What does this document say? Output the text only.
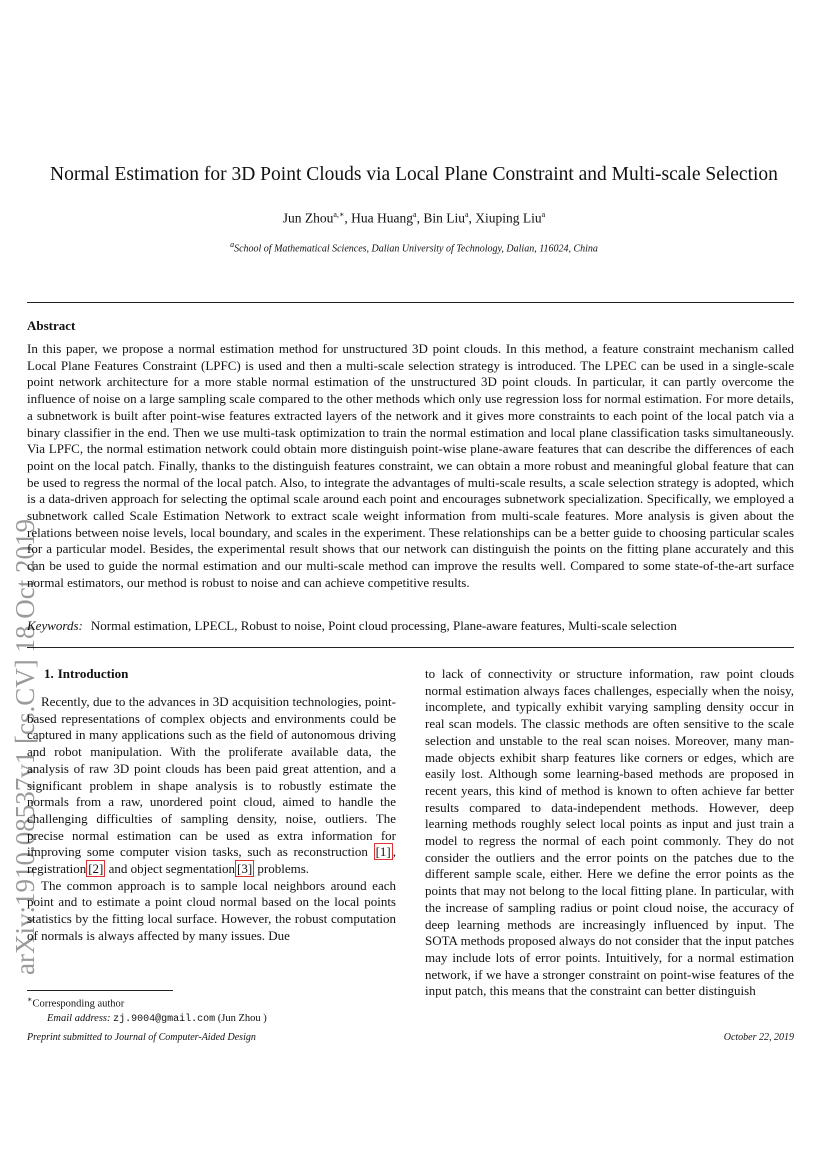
arXiv:1910.08537v1 [cs.CV] 18 Oct 2019
Normal Estimation for 3D Point Clouds via Local Plane Constraint and Multi-scale Selection
Jun Zhou$^{a,∗}$, Hua Huang$^a$, Bin Liu$^a$, Xiuping Liu$^a$
$^a$School of Mathematical Sciences, Dalian University of Technology, Dalian, 116024, China
Abstract

In this paper, we propose a normal estimation method for unstructured 3D point clouds. In this method, a feature constraint mechanism called Local Plane Features Constraint (LPFC) is used and then a multi-scale selection strategy is introduced. The LPEC can be used in a single-scale point network architecture for a more stable normal estimation of the unstructured 3D point clouds. In particular, it can partly overcome the influence of noise on a large sampling scale compared to the other methods which only use regression loss for normal estimation. For more details, a subnetwork is built after point-wise features extracted layers of the network and it gives more constraints to each point of the local patch via a binary classifier in the end. Then we use multi-task optimization to train the normal estimation and local plane classification tasks simultaneously. Via LPFC, the normal estimation network could obtain more distinguish point-wise plane-aware features that can describe the differences of each point on the local patch. Finally, thanks to the distinguish features constraint, we can obtain a more robust and meaningful global feature that can be used to regress the normal of the local patch. Also, to integrate the advantages of multi-scale results, a scale selection strategy is adopted, which is a data-driven approach for selecting the optimal scale around each point and encourages subnetwork specialization. Specifically, we employed a subnetwork called Scale Estimation Network to extract scale weight information from multi-scale features. More analysis is given about the relations between noise levels, local boundary, and scales in the experiment. These relationships can be a better guide to choosing particular scales for a particular model. Besides, the experimental result shows that our network can distinguish the points on the fitting plane accurately and this can be used to guide the normal estimation and our multi-scale method can improve the results well. Compared to some state-of-the-art surface normal estimators, our method is robust to noise and can achieve competitive results.

Keywords: Normal estimation, LPECL, Robust to noise, Point cloud processing, Plane-aware features, Multi-scale selection
1. Introduction

Recently, due to the advances in 3D acquisition technologies, point-based representations of complex objects and environments could be captured in many applications such as the field of autonomous driving and robot manipulation. With the proliferate available data, the analysis of raw 3D point clouds has been paid great attention, and a significant problem in shape analysis is to robustly estimate the normals from a raw, unordered point cloud, aimed to handle the challenging difficulties of sampling density, noise, outliers. The precise normal estimation can be used as extra information for improving some computer vision tasks, such as reconstruction [1] , registration [2] and object segmentation [3] problems.

The common approach is to sample local neighbors around each point and to estimate a point cloud normal based on the local points statistics by the fitting local surface. However, the robust computation of normals is always affected by many issues. Due

to lack of connectivity or structure information, raw point clouds normal estimation always faces challenges, especially when the noisy, incomplete, and typically exhibit varying sampling density occur in real scan models. The classic methods are often sensitive to the scale selection and unstable to the real scan noises. Moreover, many man-made objects exhibit sharp features like corners or edges, which are easily lost. Although some learning-based methods are proposed in recent years, this kind of method is known to often achieve far better results compared to data-independent methods. However, deep learning methods roughly select local points as input and just train a model to regress the normal of each point commonly. They do not consider the outliers and the error points on the patches due to the different sample scale, either. Here we define the error points as the points that may not belong to the local fitting plane. In particular, with the increase of sampling radius or point cloud noise, the accuracy of deep learning methods are increasingly influenced by input. The SOTA methods proposed always do not consider that the input patches may include lots of error points. Intuitively, for a normal estimation network, if we have a stronger constraint on point-wise features of the input patch, this means that the constraint can better distinguish

∗Corresponding author
Email address: zj.9004@gmail.com (Jun Zhou )
Preprint submitted to Journal of Computer-Aided Design	October 22, 2019
